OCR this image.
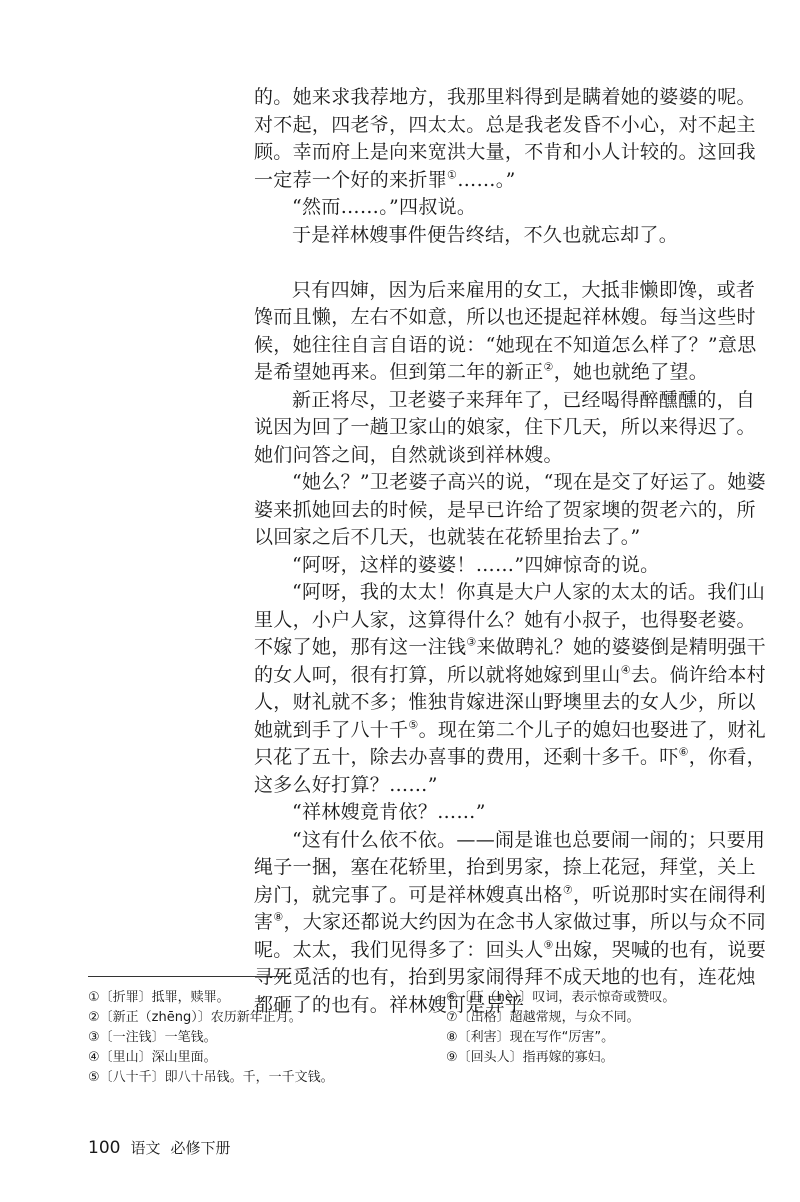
的。她来求我荐地方，我那里料得到是瞒着她的婆婆的呢。对不起，四老爷，四太太。总是我老发昏不小心，对不起主顾。幸而府上是向来宽洪大量，不肯和小人计较的。这回我一定荐一个好的来折罪①……。”

“然而……。”四叔说。

于是祥林嫂事件便告终结，不久也就忘却了。

只有四婶，因为后来雇用的女工，大抵非懒即馋，或者馋而且懒，左右不如意，所以也还提起祥林嫂。每当这些时候，她往往自言自语的说：“她现在不知道怎么样了？”意思是希望她再来。但到第二年的新正②，她也就绝了望。

新正将尽，卫老婆子来拜年了，已经喝得醉醺醺的，自说因为回了一趟卫家山的娘家，住下几天，所以来得迟了。她们问答之间，自然就谈到祥林嫂。

“她么？”卫老婆子高兴的说，“现在是交了好运了。她婆婆来抓她回去的时候，是早已许给了贺家墺的贺老六的，所以回家之后不几天，也就装在花轿里抬去了。”

“阿呀，这样的婆婆！……”四婶惊奇的说。

“阿呀，我的太太！你真是大户人家的太太的话。我们山里人，小户人家，这算得什么？她有小叔子，也得娶老婆。不嫁了她，那有这一注钱③来做聘礼？她的婆婆倒是精明强干的女人呵，很有打算，所以就将她嫁到里山④去。倘许给本村人，财礼就不多；惟独肯嫁进深山野墺里去的女人少，所以她就到手了八十千⑤。现在第二个儿子的媳妇也娶进了，财礼只花了五十，除去办喜事的费用，还剩十多千。吓⑥，你看，这多么好打算？……”

“祥林嫂竟肯依？……”

“这有什么依不依。——闹是谁也总要闹一闹的；只要用绳子一捆，塞在花轿里，抬到男家，捺上花冠，拜堂，关上房门，就完事了。可是祥林嫂真出格⑦，听说那时实在闹得利害⑧，大家还都说大约因为在念书人家做过事，所以与众不同呢。太太，我们见得多了：回头人⑨出嫁，哭喊的也有，说要寻死觅活的也有，抬到男家闹得拜不成天地的也有，连花烛都砸了的也有。祥林嫂可是异乎

①〔折罪〕抵罪，赎罪。

②〔新正（zhēng）〕农历新年正月。

③〔一注钱〕一笔钱。

④〔里山〕深山里面。

⑤〔八十千〕即八十吊钱。千，一千文钱。

⑥〔吓（hè）〕叹词，表示惊奇或赞叹。

⑦〔出格〕超越常规，与众不同。

⑧〔利害〕现在写作“厉害”。

⑨〔回头人〕指再嫁的寡妇。

100 语文 必修下册
